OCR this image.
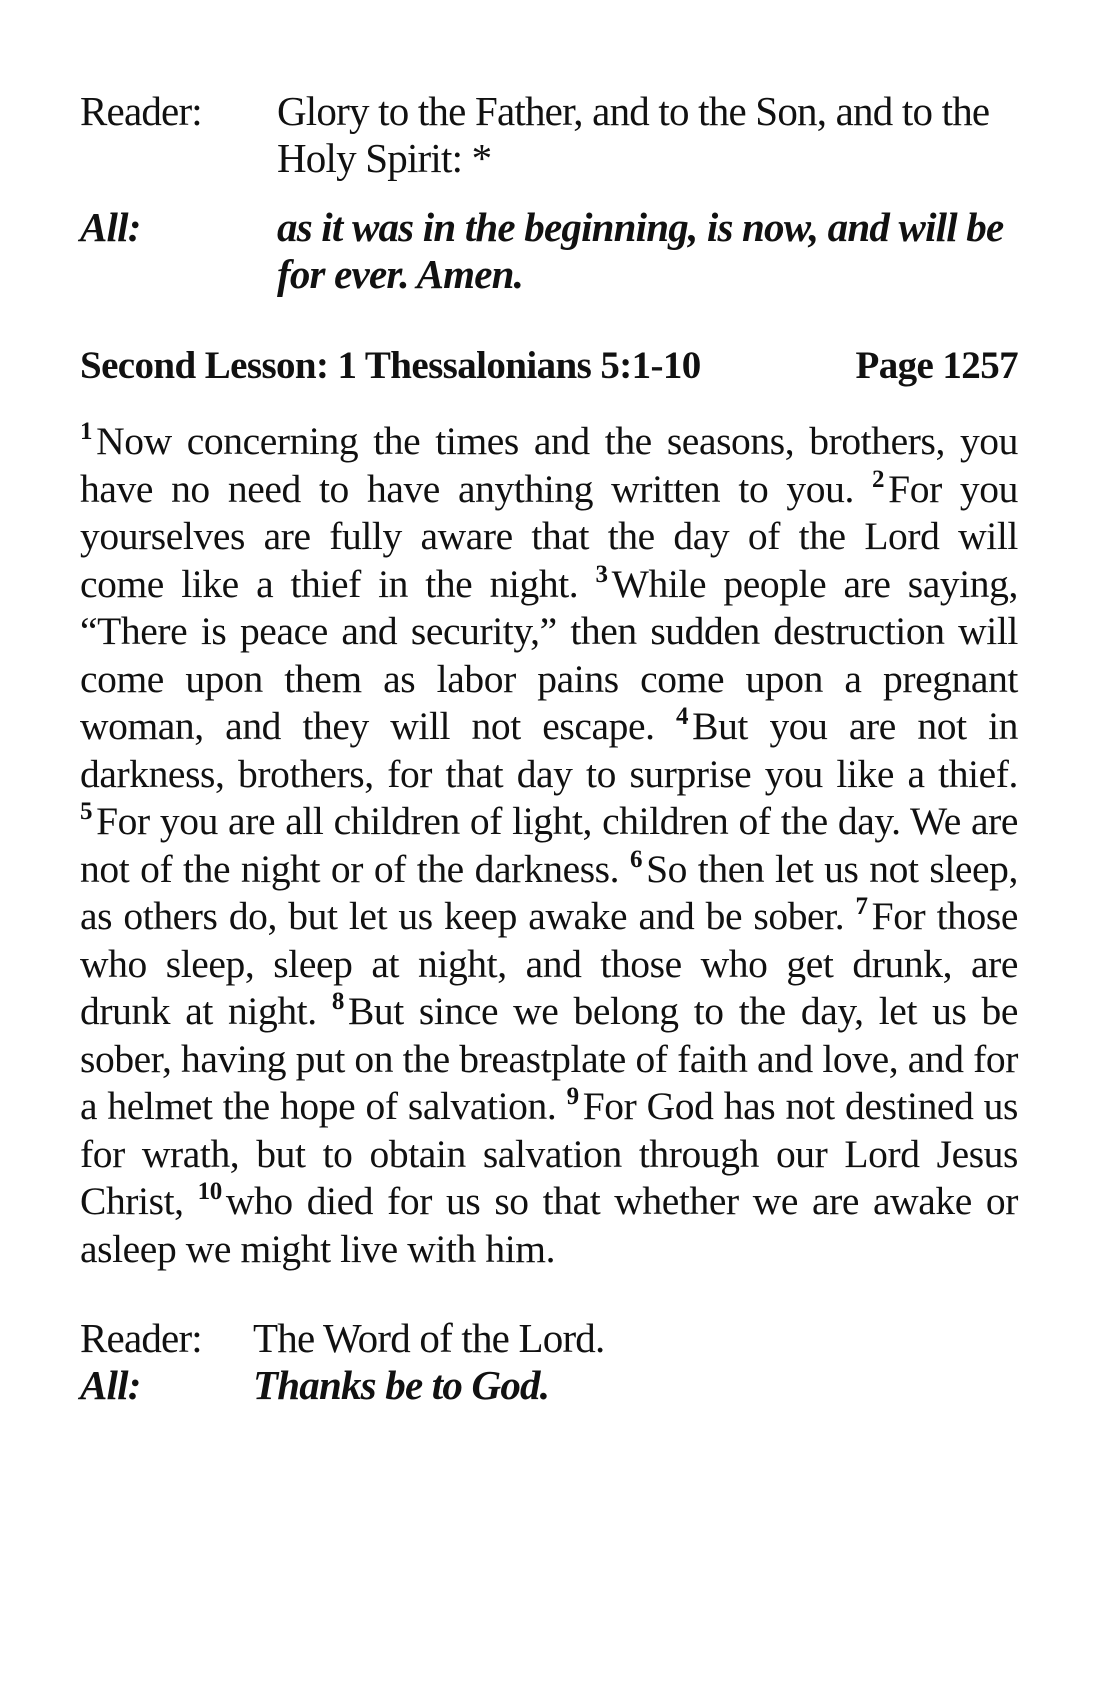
Reader:	Glory to the Father, and to the Son, and to the Holy Spirit: *
All:	as it was in the beginning, is now, and will be for ever. Amen.
Second Lesson: 1 Thessalonians 5:1-10	Page 1257
$^1$ Now concerning the times and the seasons, brothers, you have no need to have anything written to you. $^2$ For you yourselves are fully aware that the day of the Lord will come like a thief in the night. $^3$ While people are saying, “There is peace and security,” then sudden destruction will come upon them as labor pains come upon a pregnant woman, and they will not escape. $^4$ But you are not in darkness, brothers, for that day to surprise you like a thief. $^5$ For you are all children of light, children of the day. We are not of the night or of the darkness. $^6$ So then let us not sleep, as others do, but let us keep awake and be sober. $^7$ For those who sleep, sleep at night, and those who get drunk, are drunk at night. $^8$ But since we belong to the day, let us be sober, having put on the breastplate of faith and love, and for a helmet the hope of salvation. $^9$ For God has not destined us for wrath, but to obtain salvation through our Lord Jesus Christ, $^{10}$ who died for us so that whether we are awake or asleep we might live with him.
Reader:	The Word of the Lord.
All:	Thanks be to God.
